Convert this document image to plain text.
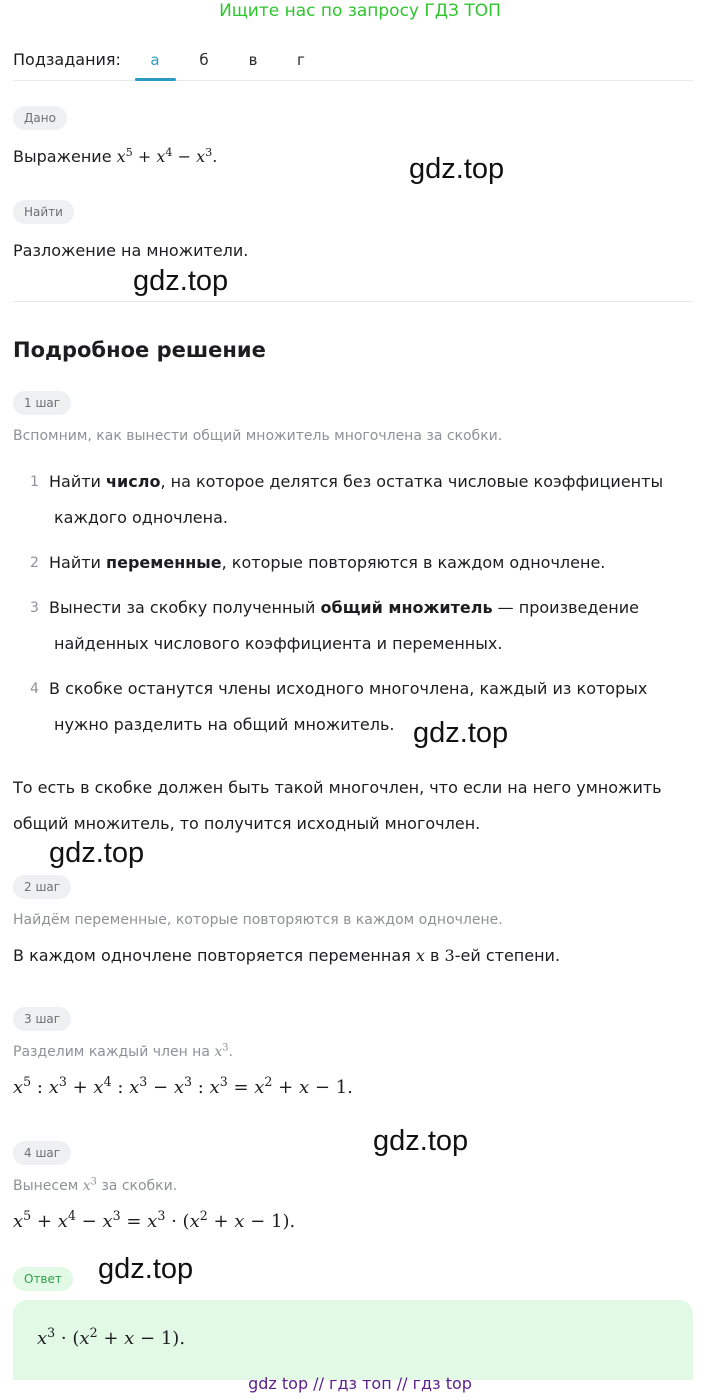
Ищите нас по запросу ГДЗ ТОП
Подзадания:	а	б	в	г
Дано
Выражение $x^5 + x^4 - x^3$.	gdz.top
Найти
Разложение на множители.
gdz.top
Подробное решение
1 шаг
Вспомним, как вынести общий множитель многочлена за скобки.
1 Найти число, на которое делятся без остатка числовые коэффициенты
каждого одночлена.
2 Найти переменные, которые повторяются в каждом одночлене.
3 Вынести за скобку полученный общий множитель — произведение
найденных числового коэффициента и переменных.
4 В скобке останутся члены исходного многочлена, каждый из которых
нужно разделить на общий множитель. gdz.top
То есть в скобке должен быть такой многочлен, что если на него умножить
общий множитель, то получится исходный многочлен.
gdz.top
2 шаг
Найдём переменные, которые повторяются в каждом одночлене.
В каждом одночлене повторяется переменная x в 3-ей степени.
3 шаг
Разделим каждый член на $x^3$.
$x^5$ : $x^3 + x^4$ : $x^3 - x^3$ : $x^3 = x^2 + x - 1$.
gdz.top
4 шаг
Вынесем $x^3$ за скобки.
$x^5 + x^4 - x^3 = x^3 \cdot (x^2 + x - 1)$.
Ответ	gdz.top
$x^3 \cdot (x^2 + x - 1)$.
gdz top // гдз топ // гдз top
